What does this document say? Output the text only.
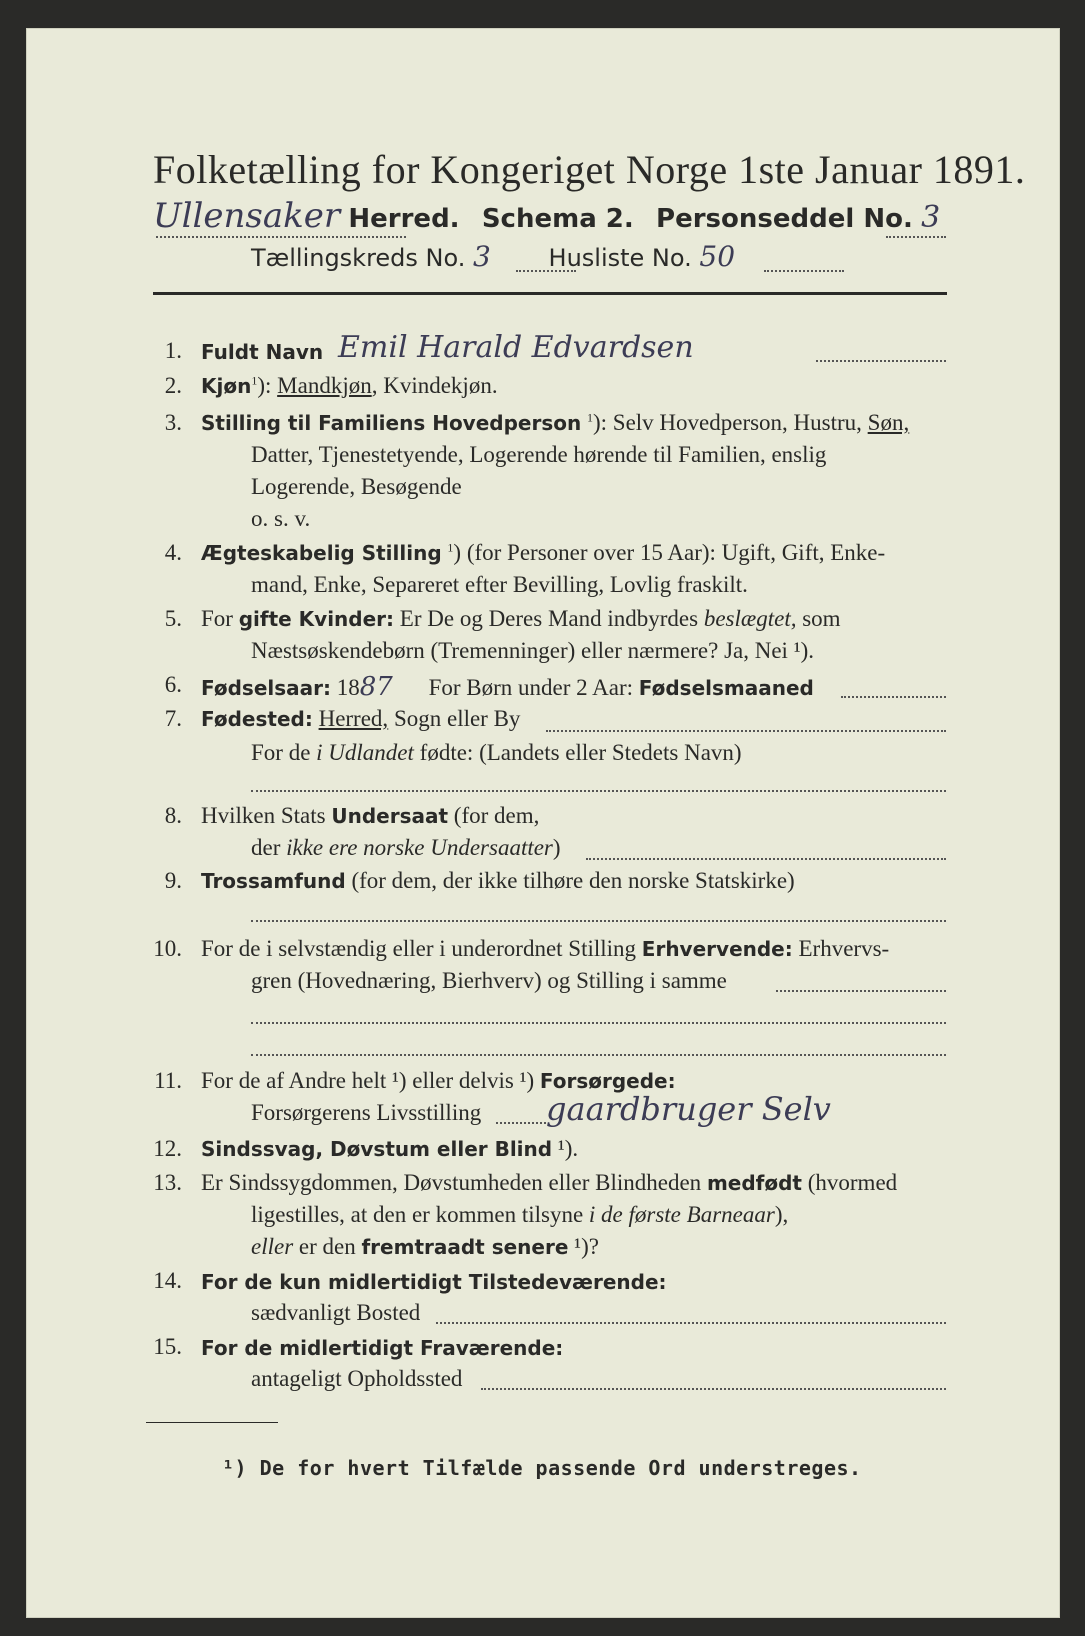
Folketælling for Kongeriget Norge 1ste Januar 1891.
Ullensaker Herred. Schema 2. Personseddel No. 3
Tællingskreds No. 3 Husliste No. 50
1. Fuldt Navn Emil Harald Edvardsen
2. Kjøn$^1$): Mandkjøn, Kvindekjøn.
3. Stilling til Familiens Hovedperson $^1$): Selv Hovedperson, Hustru, Søn,
Datter, Tjenestetyende, Logerende hørende til Familien, enslig
Logerende, Besøgende
o. s. v.
4. Ægteskabelig Stilling $^1$) (for Personer over 15 Aar): Ugift, Gift, Enke-
mand, Enke, Separeret efter Bevilling, Lovlig fraskilt.
5. For gifte Kvinder: Er De og Deres Mand indbyrdes beslægtet, som
Næstsøskendebørn (Tremenninger) eller nærmere? Ja, Nei ¹).
6. Fødselsaar: 1887 For Børn under 2 Aar: Fødselsmaaned
7. Fødested: Herred, Sogn eller By
For de i Udlandet fødte: (Landets eller Stedets Navn)
8. Hvilken Stats Undersaat (for dem,
der ikke ere norske Undersaatter)
9. Trossamfund (for dem, der ikke tilhøre den norske Statskirke)
10. For de i selvstændig eller i underordnet Stilling Erhvervende: Erhvervs-
gren (Hovednæring, Bierhverv) og Stilling i samme
11. For de af Andre helt ¹) eller delvis ¹) Forsørgede:
Forsørgerens Livsstilling gaardbruger Selv
12. Sindssvag, Døvstum eller Blind ¹).
13. Er Sindssygdommen, Døvstumheden eller Blindheden medfødt (hvormed
ligestilles, at den er kommen tilsyne i de første Barneaar),
eller er den fremtraadt senere ¹)?
14. For de kun midlertidigt Tilstedeværende:
sædvanligt Bosted
15. For de midlertidigt Fraværende:
antageligt Opholdssted
¹) De for hvert Tilfælde passende Ord understreges.
